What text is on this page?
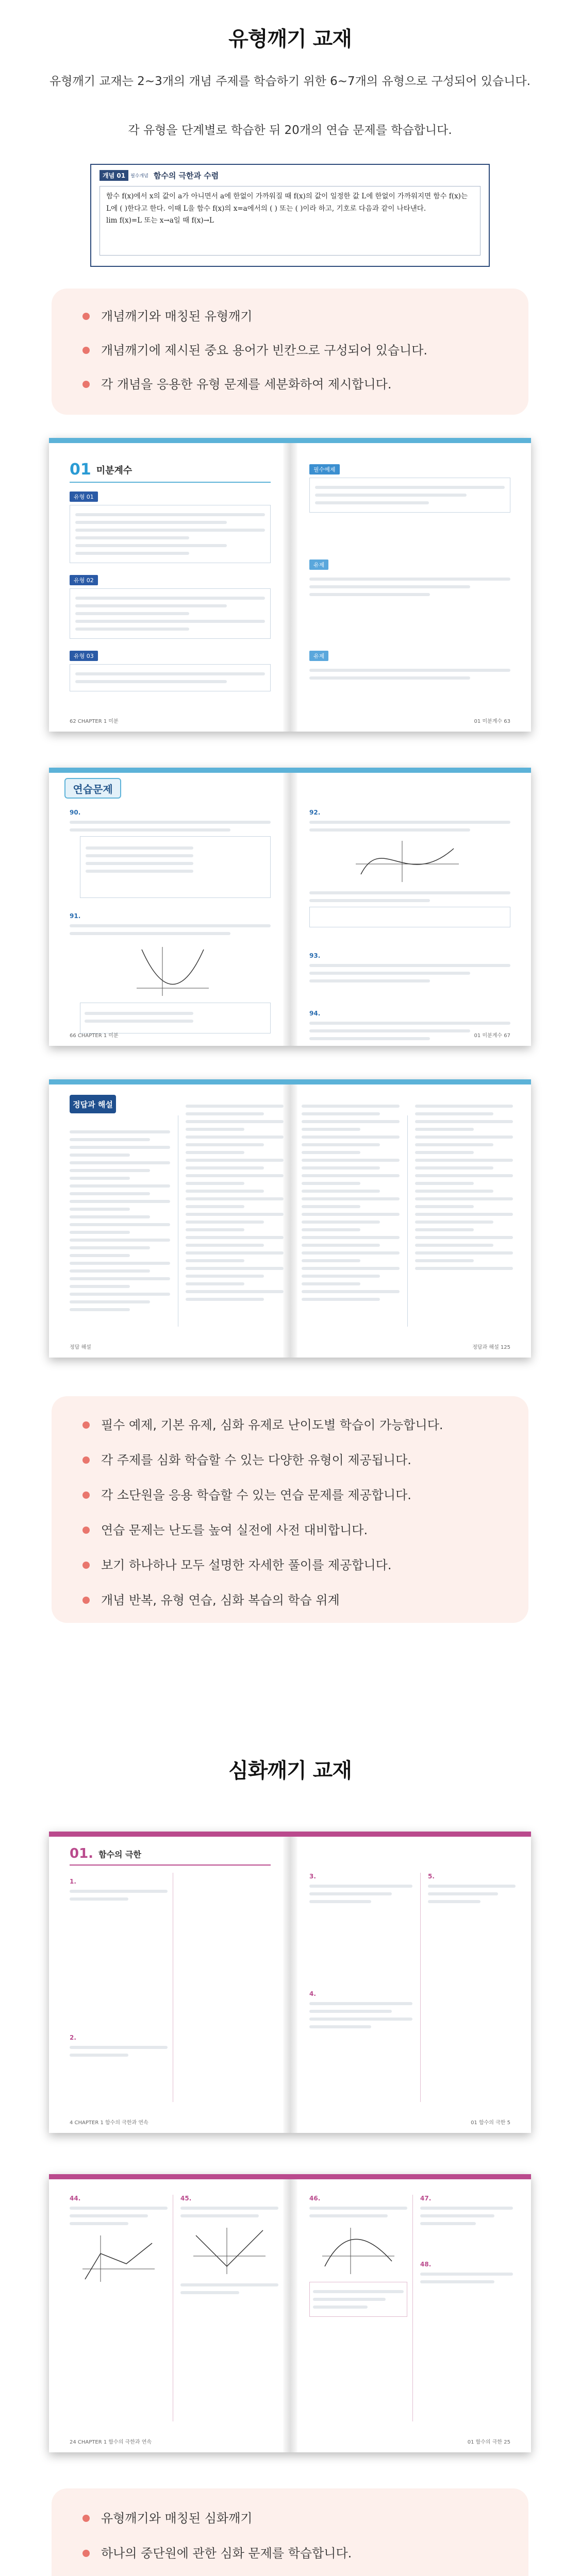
유형깨기 교재
유형깨기 교재는 2~3개의 개념 주제를 학습하기 위한 6~7개의 유형으로 구성되어 있습니다.
각 유형을 단계별로 학습한 뒤 20개의 연습 문제를 학습합니다.
개념 01	필수개념 함수의 극한과 수렴
함수 f(x)에서 x의 값이 a가 아니면서 a에 한없이 가까워질 때 f(x)의 값이 일정한 값 L에 한없이 가까워지면 함수 f(x)는 L에 ( )한다고 한다. 이때 L을 함수 f(x)의 x=a에서의 ( ) 또는 ( )이라 하고, 기호로 다음과 같이 나타낸다.
lim f(x)=L 또는 x→a일 때 f(x)→L
개념깨기와 매칭된 유형깨기
개념깨기에 제시된 중요 용어가 빈칸으로 구성되어 있습니다.
각 개념을 응용한 유형 문제를 세분화하여 제시합니다.
01 미분계수
유형 01
유형 02
유형 03
필수예제
유제
유제
62 CHAPTER 1 미분	01 미분계수 63
연습문제
90.
91.
92.
93.
94.
66 CHAPTER 1 미분	01 미분계수 67
정답과 해설
정답 해설	정답과 해설 125
필수 예제, 기본 유제, 심화 유제로 난이도별 학습이 가능합니다.
각 주제를 심화 학습할 수 있는 다양한 유형이 제공됩니다.
각 소단원을 응용 학습할 수 있는 연습 문제를 제공합니다.
연습 문제는 난도를 높여 실전에 사전 대비합니다.
보기 하나하나 모두 설명한 자세한 풀이를 제공합니다.
개념 반복, 유형 연습, 심화 복습의 학습 위계
심화깨기 교재
01. 함수의 극한
1.
2.
3.
4.
5.
4 CHAPTER 1 함수의 극한과 연속	01 함수의 극한 5
44.	45.	46.	47.
48.
24 CHAPTER 1 함수의 극한과 연속	01 함수의 극한 25
유형깨기와 매칭된 심화깨기
하나의 중단원에 관한 심화 문제를 학습합니다.
